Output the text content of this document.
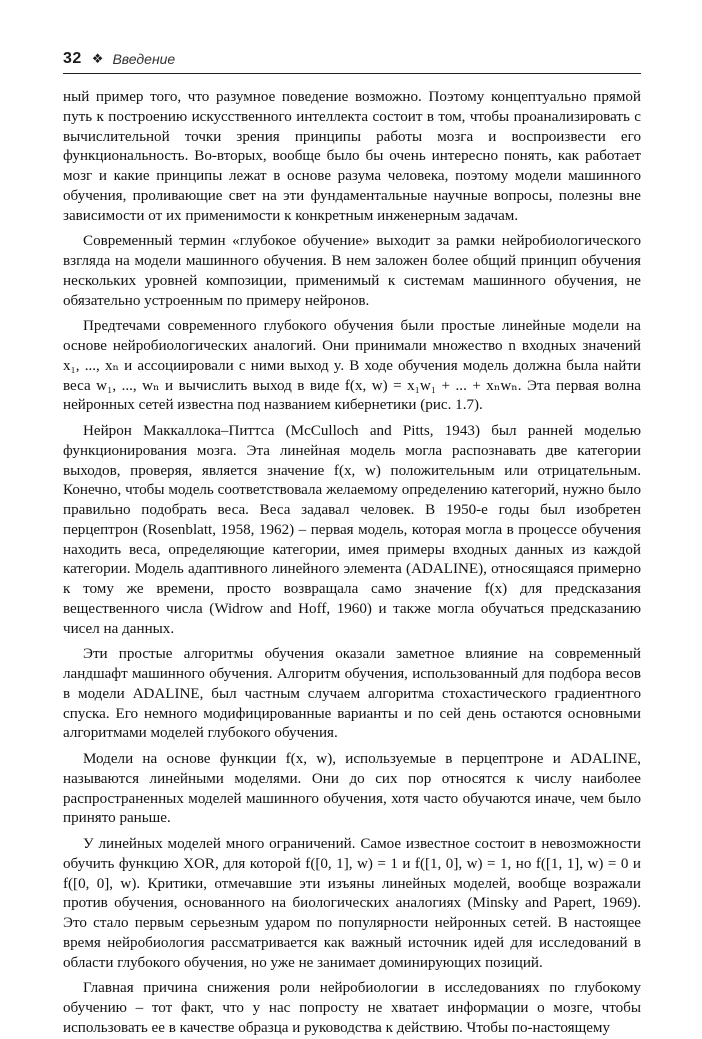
32 ❖ Введение

ный пример того, что разумное поведение возможно. Поэтому концептуально прямой путь к построению искусственного интеллекта состоит в том, чтобы проанализировать с вычислительной точки зрения принципы работы мозга и воспроизвести его функциональность. Во-вторых, вообще было бы очень интересно понять, как работает мозг и какие принципы лежат в основе разума человека, поэтому модели машинного обучения, проливающие свет на эти фундаментальные научные вопросы, полезны вне зависимости от их применимости к конкретным инженерным задачам.

Современный термин «глубокое обучение» выходит за рамки нейробиологического взгляда на модели машинного обучения. В нем заложен более общий принцип обучения нескольких уровней композиции, применимый к системам машинного обучения, не обязательно устроенным по примеру нейронов.

Предтечами современного глубокого обучения были простые линейные модели на основе нейробиологических аналогий. Они принимали множество n входных значений x₁, ..., xₙ и ассоциировали с ними выход y. В ходе обучения модель должна была найти веса w₁, ..., wₙ и вычислить выход в виде f(x, w) = x₁w₁ + ... + xₙwₙ. Эта первая волна нейронных сетей известна под названием кибернетики (рис. 1.7).

Нейрон Маккаллока–Питтса (McCulloch and Pitts, 1943) был ранней моделью функционирования мозга. Эта линейная модель могла распознавать две категории выходов, проверяя, является значение f(x, w) положительным или отрицательным. Конечно, чтобы модель соответствовала желаемому определению категорий, нужно было правильно подобрать веса. Веса задавал человек. В 1950-е годы был изобретен перцептрон (Rosenblatt, 1958, 1962) – первая модель, которая могла в процессе обучения находить веса, определяющие категории, имея примеры входных данных из каждой категории. Модель адаптивного линейного элемента (ADALINE), относящаяся примерно к тому же времени, просто возвращала само значение f(x) для предсказания вещественного числа (Widrow and Hoff, 1960) и также могла обучаться предсказанию чисел на данных.

Эти простые алгоритмы обучения оказали заметное влияние на современный ландшафт машинного обучения. Алгоритм обучения, использованный для подбора весов в модели ADALINE, был частным случаем алгоритма стохастического градиентного спуска. Его немного модифицированные варианты и по сей день остаются основными алгоритмами моделей глубокого обучения.

Модели на основе функции f(x, w), используемые в перцептроне и ADALINE, называются линейными моделями. Они до сих пор относятся к числу наиболее распространенных моделей машинного обучения, хотя часто обучаются иначе, чем было принято раньше.

У линейных моделей много ограничений. Самое известное состоит в невозможности обучить функцию XOR, для которой f([0, 1], w) = 1 и f([1, 0], w) = 1, но f([1, 1], w) = 0 и f([0, 0], w). Критики, отмечавшие эти изъяны линейных моделей, вообще возражали против обучения, основанного на биологических аналогиях (Minsky and Papert, 1969). Это стало первым серьезным ударом по популярности нейронных сетей. В настоящее время нейробиология рассматривается как важный источник идей для исследований в области глубокого обучения, но уже не занимает доминирующих позиций.

Главная причина снижения роли нейробиологии в исследованиях по глубокому обучению – тот факт, что у нас попросту не хватает информации о мозге, чтобы использовать ее в качестве образца и руководства к действию. Чтобы по-настоящему
